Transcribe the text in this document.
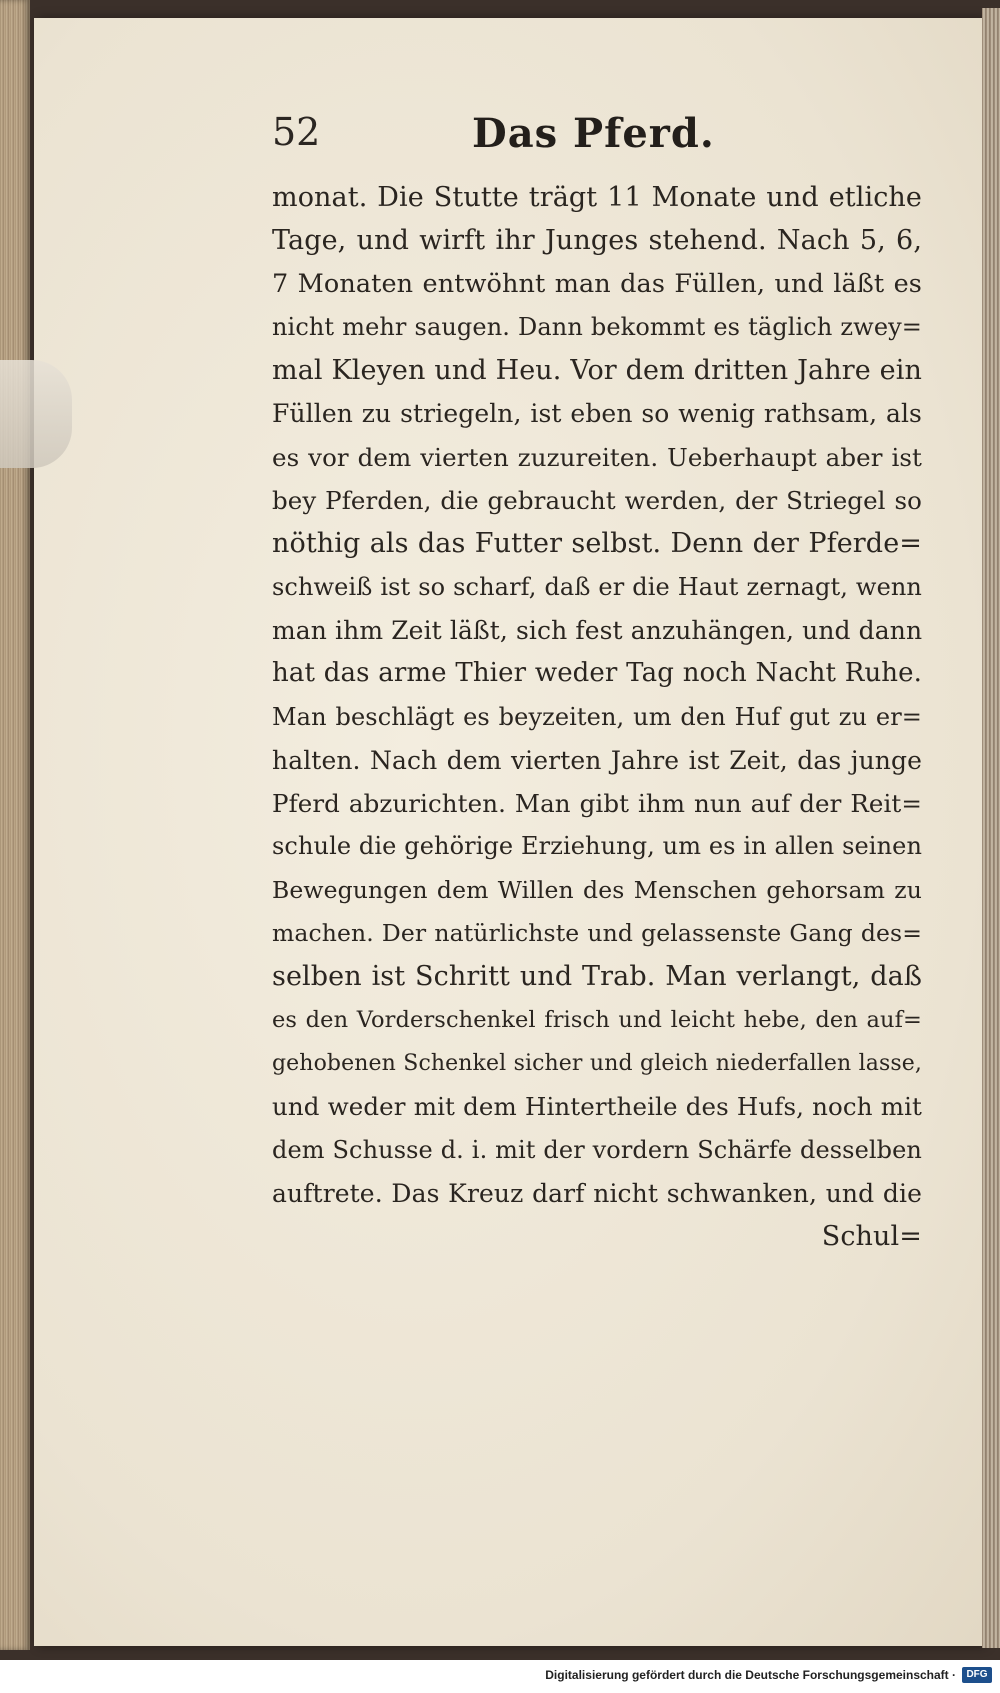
52	Das Pferd.
monat. Die Stutte trägt 11 Monate und etliche
Tage, und wirft ihr Junges stehend. Nach 5, 6,
7 Monaten entwöhnt man das Füllen, und läßt es
nicht mehr saugen. Dann bekommt es täglich zwey=
mal Kleyen und Heu. Vor dem dritten Jahre ein
Füllen zu striegeln, ist eben so wenig rathsam, als
es vor dem vierten zuzureiten. Ueberhaupt aber ist
bey Pferden, die gebraucht werden, der Striegel so
nöthig als das Futter selbst. Denn der Pferde=
schweiß ist so scharf, daß er die Haut zernagt, wenn
man ihm Zeit läßt, sich fest anzuhängen, und dann
hat das arme Thier weder Tag noch Nacht Ruhe.
Man beschlägt es beyzeiten, um den Huf gut zu er=
halten. Nach dem vierten Jahre ist Zeit, das junge
Pferd abzurichten. Man gibt ihm nun auf der Reit=
schule die gehörige Erziehung, um es in allen seinen
Bewegungen dem Willen des Menschen gehorsam zu
machen. Der natürlichste und gelassenste Gang des=
selben ist Schritt und Trab. Man verlangt, daß
es den Vorderschenkel frisch und leicht hebe, den auf=
gehobenen Schenkel sicher und gleich niederfallen lasse,
und weder mit dem Hintertheile des Hufs, noch mit
dem Schusse d. i. mit der vordern Schärfe desselben
auftrete. Das Kreuz darf nicht schwanken, und die
Schul=
Digitalisierung gefördert durch die Deutsche Forschungsgemeinschaft ·	DFG
